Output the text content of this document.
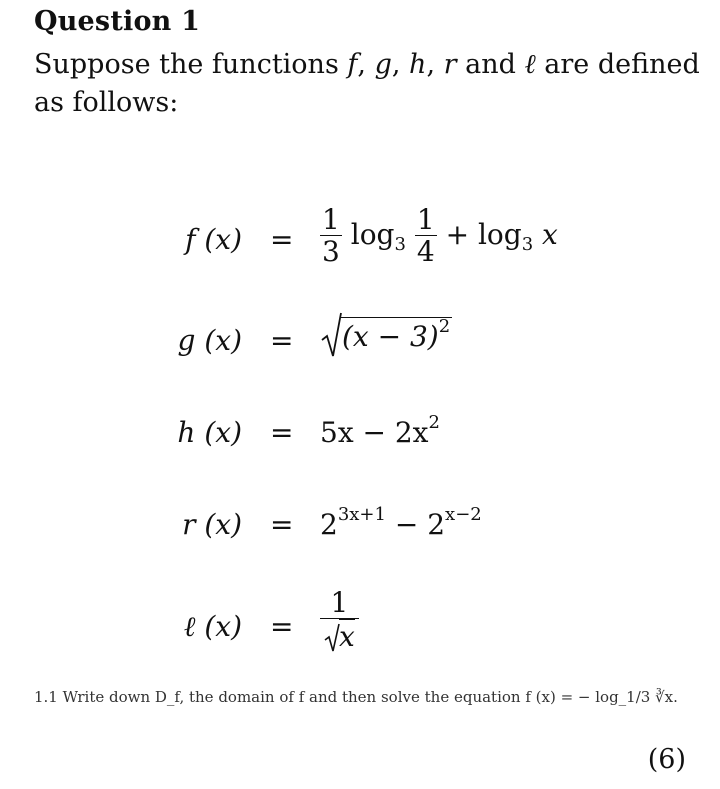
Question 1
Suppose the functions f, g, h, r and ℓ are defined as follows:
f $(x) = \frac{1}{3} \log_3 \frac{1}{4} + \log_3 x$
g (x) =	$(x - 3)^2$
h $(x) = 5x - 2x^2$
r $(x) = 2^{3x+1} - 2^{x-2}$
ℓ $(x) = \frac{1}{x}$
1.1 Write down D_f, the domain of f and then solve the equation f (x) = − log_1/3 ∛x.
(6)
